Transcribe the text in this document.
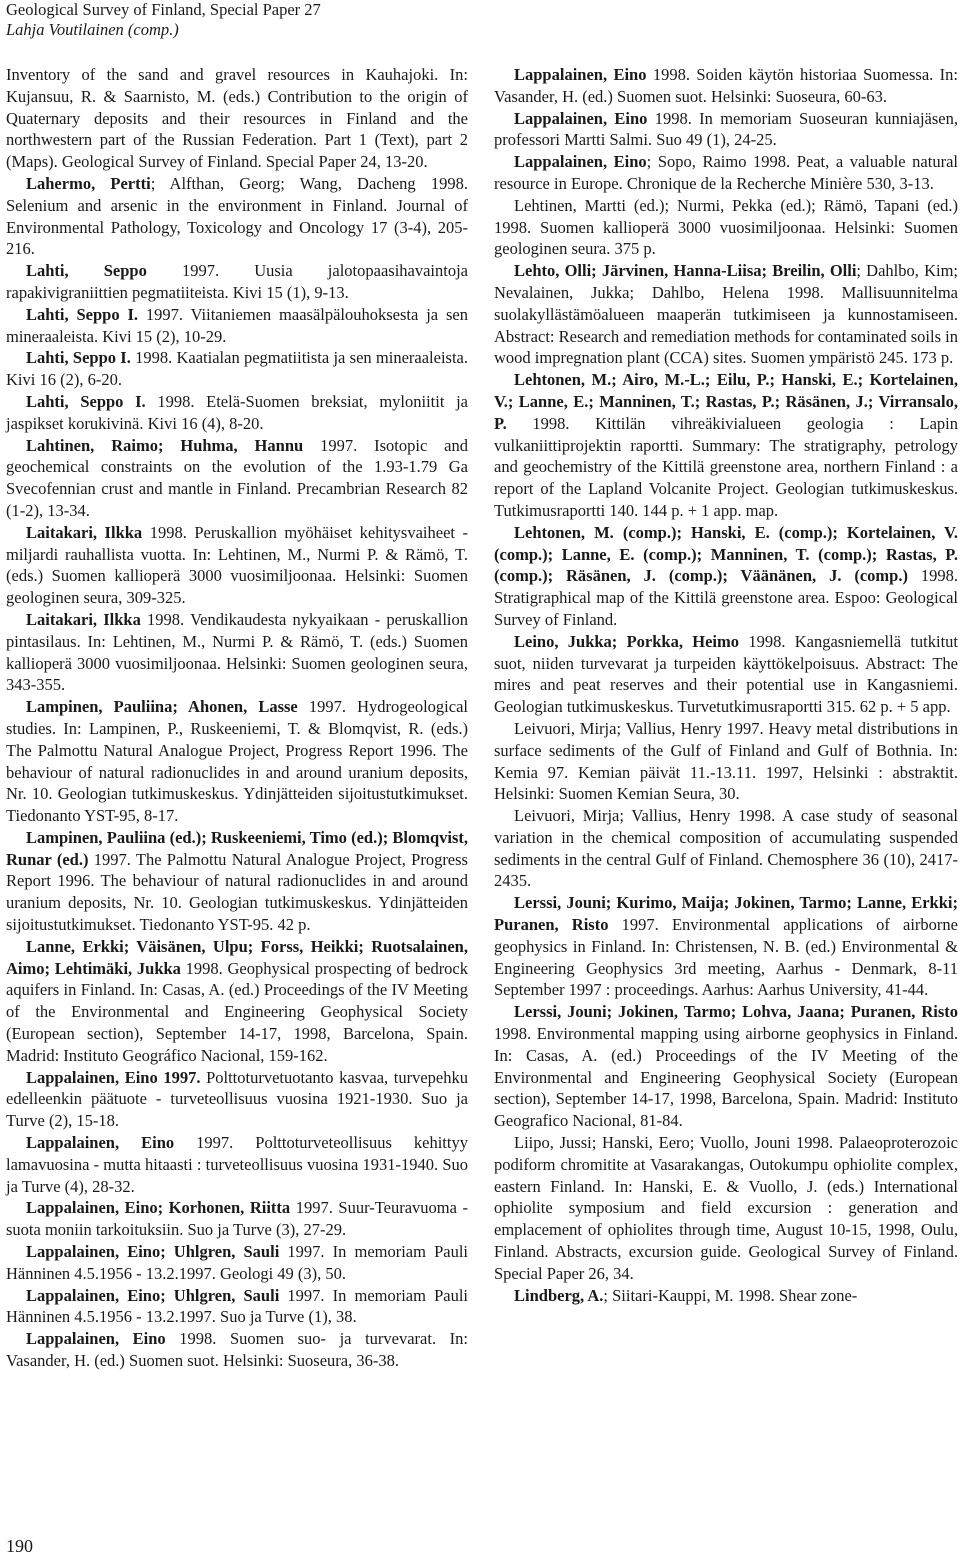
Geological Survey of Finland, Special Paper 27
Lahja Voutilainen (comp.)

Inventory of the sand and gravel resources in Kauhajoki. In: Kujansuu, R. & Saarnisto, M. (eds.) Contribution to the origin of Quaternary deposits and their resources in Finland and the northwestern part of the Russian Federation. Part 1 (Text), part 2 (Maps). Geological Survey of Finland. Special Paper 24, 13-20.

Lahermo, Pertti; Alfthan, Georg; Wang, Dacheng 1998. Selenium and arsenic in the environment in Finland. Journal of Environmental Pathology, Toxicology and Oncology 17 (3-4), 205-216.

Lahti, Seppo 1997. Uusia jalotopaasihavaintoja rapakivigraniittien pegmatiiteista. Kivi 15 (1), 9-13.

Lahti, Seppo I. 1997. Viitaniemen maasälpälouhoksesta ja sen mineraaleista. Kivi 15 (2), 10-29.

Lahti, Seppo I. 1998. Kaatialan pegmatiitista ja sen mineraaleista. Kivi 16 (2), 6-20.

Lahti, Seppo I. 1998. Etelä-Suomen breksiat, myloniitit ja jaspikset korukivinä. Kivi 16 (4), 8-20.

Lahtinen, Raimo; Huhma, Hannu 1997. Isotopic and geochemical constraints on the evolution of the 1.93-1.79 Ga Svecofennian crust and mantle in Finland. Precambrian Research 82 (1-2), 13-34.

Laitakari, Ilkka 1998. Peruskallion myöhäiset kehitysvaiheet - miljardi rauhallista vuotta. In: Lehtinen, M., Nurmi P. & Rämö, T. (eds.) Suomen kallioperä 3000 vuosimiljoonaa. Helsinki: Suomen geologinen seura, 309-325.

Laitakari, Ilkka 1998. Vendikaudesta nykyaikaan - peruskallion pintasilaus. In: Lehtinen, M., Nurmi P. & Rämö, T. (eds.) Suomen kallioperä 3000 vuosimiljoonaa. Helsinki: Suomen geologinen seura, 343-355.

Lampinen, Pauliina; Ahonen, Lasse 1997. Hydrogeological studies. In: Lampinen, P., Ruskeeniemi, T. & Blomqvist, R. (eds.) The Palmottu Natural Analogue Project, Progress Report 1996. The behaviour of natural radionuclides in and around uranium deposits, Nr. 10. Geologian tutkimuskeskus. Ydinjätteiden sijoitustutkimukset. Tiedonanto YST-95, 8-17.

Lampinen, Pauliina (ed.); Ruskeeniemi, Timo (ed.); Blomqvist, Runar (ed.) 1997. The Palmottu Natural Analogue Project, Progress Report 1996. The behaviour of natural radionuclides in and around uranium deposits, Nr. 10. Geologian tutkimuskeskus. Ydinjätteiden sijoitustutkimukset. Tiedonanto YST-95. 42 p.

Lanne, Erkki; Väisänen, Ulpu; Forss, Heikki; Ruotsalainen, Aimo; Lehtimäki, Jukka 1998. Geophysical prospecting of bedrock aquifers in Finland. In: Casas, A. (ed.) Proceedings of the IV Meeting of the Environmental and Engineering Geophysical Society (European section), September 14-17, 1998, Barcelona, Spain. Madrid: Instituto Geográfico Nacional, 159-162.

Lappalainen, Eino 1997. Polttoturvetuotanto kasvaa, turvepehku edelleenkin päätuote - turveteollisuus vuosina 1921-1930. Suo ja Turve (2), 15-18.

Lappalainen, Eino 1997. Polttoturveteollisuus kehittyy lamavuosina - mutta hitaasti : turveteollisuus vuosina 1931-1940. Suo ja Turve (4), 28-32.

Lappalainen, Eino; Korhonen, Riitta 1997. Suur-Teuravuoma - suota moniin tarkoituksiin. Suo ja Turve (3), 27-29.

Lappalainen, Eino; Uhlgren, Sauli 1997. In memoriam Pauli Hänninen 4.5.1956 - 13.2.1997. Geologi 49 (3), 50.

Lappalainen, Eino; Uhlgren, Sauli 1997. In memoriam Pauli Hänninen 4.5.1956 - 13.2.1997. Suo ja Turve (1), 38.

Lappalainen, Eino 1998. Suomen suo- ja turvevarat. In: Vasander, H. (ed.) Suomen suot. Helsinki: Suoseura, 36-38.

Lappalainen, Eino 1998. Soiden käytön historiaa Suomessa. In: Vasander, H. (ed.) Suomen suot. Helsinki: Suoseura, 60-63.

Lappalainen, Eino 1998. In memoriam Suoseuran kunniajäsen, professori Martti Salmi. Suo 49 (1), 24-25.

Lappalainen, Eino; Sopo, Raimo 1998. Peat, a valuable natural resource in Europe. Chronique de la Recherche Minière 530, 3-13.

Lehtinen, Martti (ed.); Nurmi, Pekka (ed.); Rämö, Tapani (ed.) 1998. Suomen kallioperä 3000 vuosimiljoonaa. Helsinki: Suomen geologinen seura. 375 p.

Lehto, Olli; Järvinen, Hanna-Liisa; Breilin, Olli; Dahlbo, Kim; Nevalainen, Jukka; Dahlbo, Helena 1998. Mallisuunnitelma suolakyllästämöalueen maaperän tutkimiseen ja kunnostamiseen. Abstract: Research and remediation methods for contaminated soils in wood impregnation plant (CCA) sites. Suomen ympäristö 245. 173 p.

Lehtonen, M.; Airo, M.-L.; Eilu, P.; Hanski, E.; Kortelainen, V.; Lanne, E.; Manninen, T.; Rastas, P.; Räsänen, J.; Virransalo, P. 1998. Kittilän vihreäkivialueen geologia : Lapin vulkaniittiprojektin raportti. Summary: The stratigraphy, petrology and geochemistry of the Kittilä greenstone area, northern Finland : a report of the Lapland Volcanite Project. Geologian tutkimuskeskus. Tutkimusraportti 140. 144 p. + 1 app. map.

Lehtonen, M. (comp.); Hanski, E. (comp.); Kortelainen, V. (comp.); Lanne, E. (comp.); Manninen, T. (comp.); Rastas, P. (comp.); Räsänen, J. (comp.); Väänänen, J. (comp.) 1998. Stratigraphical map of the Kittilä greenstone area. Espoo: Geological Survey of Finland.

Leino, Jukka; Porkka, Heimo 1998. Kangasniemellä tutkitut suot, niiden turvevarat ja turpeiden käyttökelpoisuus. Abstract: The mires and peat reserves and their potential use in Kangasniemi. Geologian tutkimuskeskus. Turvetutkimusraportti 315. 62 p. + 5 app.

Leivuori, Mirja; Vallius, Henry 1997. Heavy metal distributions in surface sediments of the Gulf of Finland and Gulf of Bothnia. In: Kemia 97. Kemian päivät 11.-13.11. 1997, Helsinki : abstraktit. Helsinki: Suomen Kemian Seura, 30.

Leivuori, Mirja; Vallius, Henry 1998. A case study of seasonal variation in the chemical composition of accumulating suspended sediments in the central Gulf of Finland. Chemosphere 36 (10), 2417-2435.

Lerssi, Jouni; Kurimo, Maija; Jokinen, Tarmo; Lanne, Erkki; Puranen, Risto 1997. Environmental applications of airborne geophysics in Finland. In: Christensen, N. B. (ed.) Environmental & Engineering Geophysics 3rd meeting, Aarhus - Denmark, 8-11 September 1997 : proceedings. Aarhus: Aarhus University, 41-44.

Lerssi, Jouni; Jokinen, Tarmo; Lohva, Jaana; Puranen, Risto 1998. Environmental mapping using airborne geophysics in Finland. In: Casas, A. (ed.) Proceedings of the IV Meeting of the Environmental and Engineering Geophysical Society (European section), September 14-17, 1998, Barcelona, Spain. Madrid: Instituto Geografico Nacional, 81-84.

Liipo, Jussi; Hanski, Eero; Vuollo, Jouni 1998. Palaeoproterozoic podiform chromitite at Vasarakangas, Outokumpu ophiolite complex, eastern Finland. In: Hanski, E. & Vuollo, J. (eds.) International ophiolite symposium and field excursion : generation and emplacement of ophiolites through time, August 10-15, 1998, Oulu, Finland. Abstracts, excursion guide. Geological Survey of Finland. Special Paper 26, 34.

Lindberg, A.; Siitari-Kauppi, M. 1998. Shear zone-

190
